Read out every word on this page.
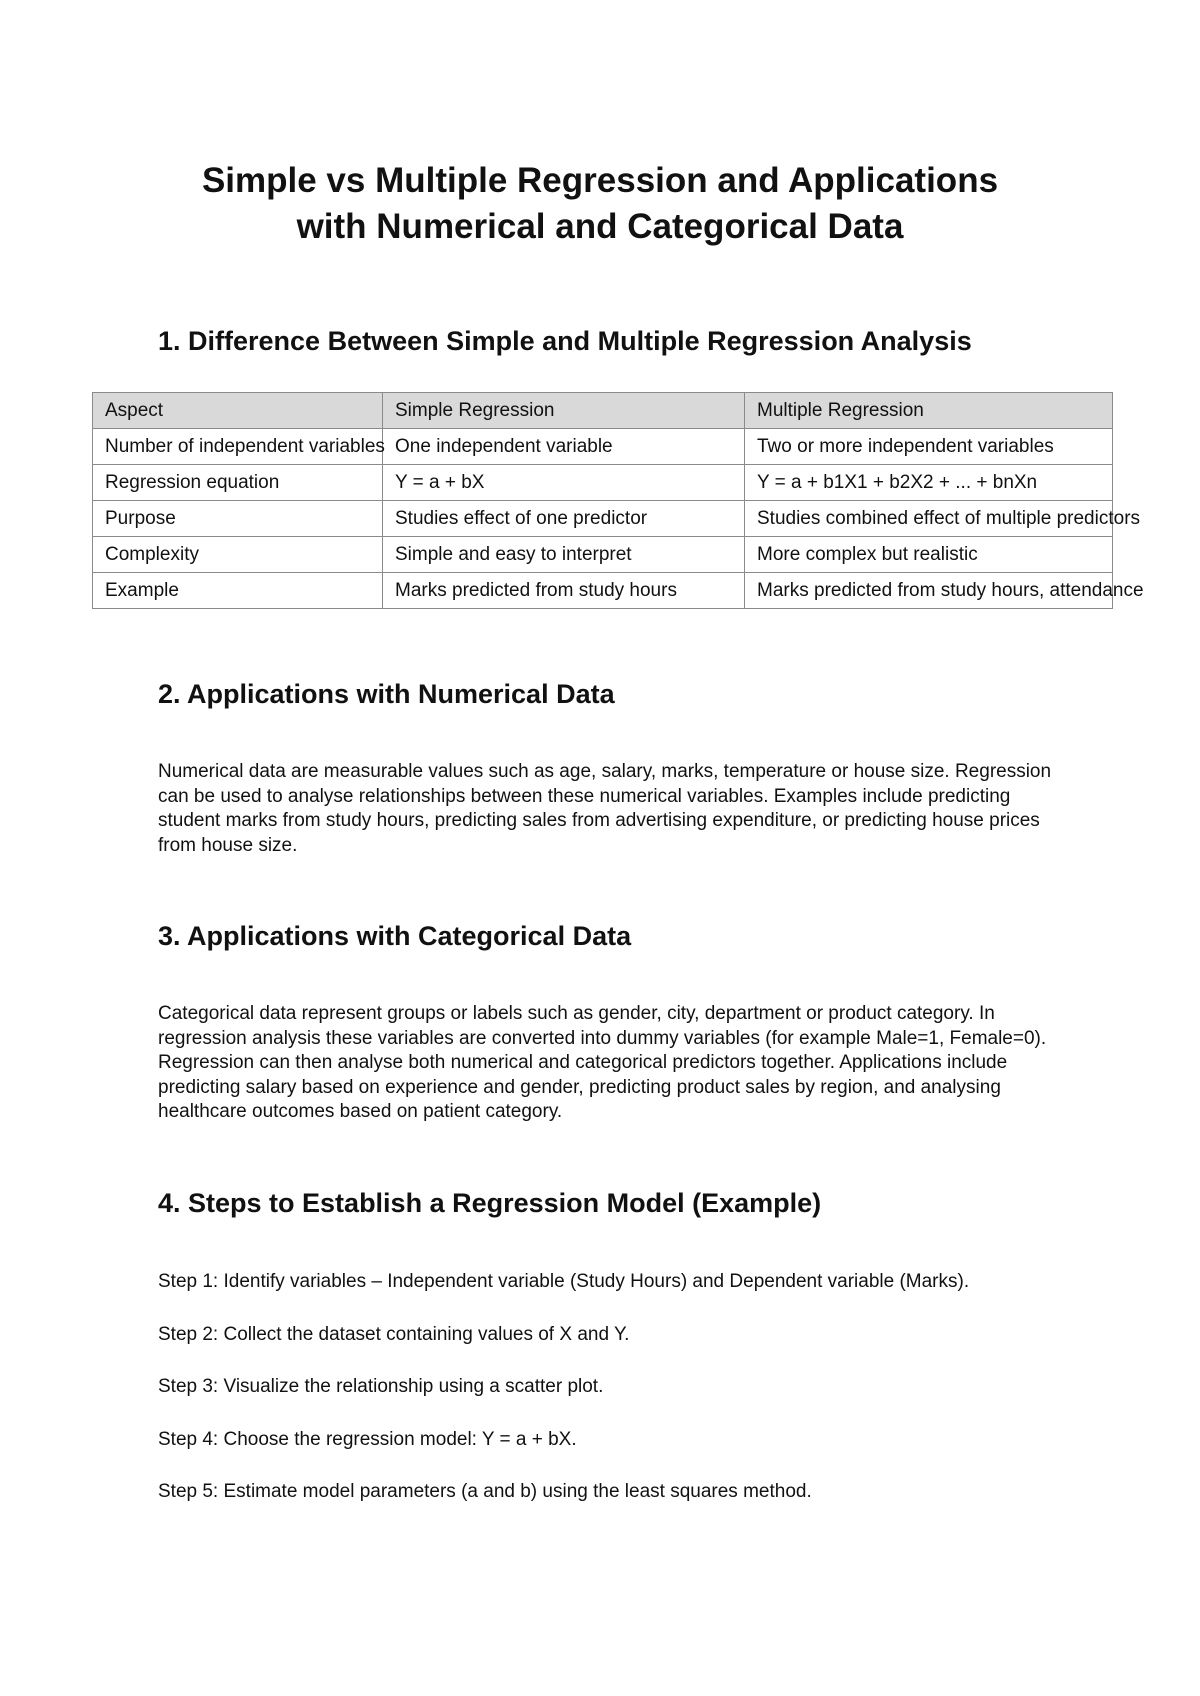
Simple vs Multiple Regression and Applications
with Numerical and Categorical Data
1. Difference Between Simple and Multiple Regression Analysis
Aspect	Simple Regression	Multiple Regression
Number of independent variables	One independent variable	Two or more independent variables
Regression equation	Y = a + bX	Y = a + b1X1 + b2X2 + ... + bnXn
Purpose	Studies effect of one predictor	Studies combined effect of multiple predictors
Complexity	Simple and easy to interpret	More complex but realistic
Example	Marks predicted from study hours	Marks predicted from study hours, attendance
2. Applications with Numerical Data

Numerical data are measurable values such as age, salary, marks, temperature or house size. Regression can be used to analyse relationships between these numerical variables. Examples include predicting student marks from study hours, predicting sales from advertising expenditure, or predicting house prices from house size.

3. Applications with Categorical Data

Categorical data represent groups or labels such as gender, city, department or product category. In regression analysis these variables are converted into dummy variables (for example Male=1, Female=0). Regression can then analyse both numerical and categorical predictors together. Applications include predicting salary based on experience and gender, predicting product sales by region, and analysing healthcare outcomes based on patient category.

4. Steps to Establish a Regression Model (Example)

Step 1: Identify variables – Independent variable (Study Hours) and Dependent variable (Marks).

Step 2: Collect the dataset containing values of X and Y.

Step 3: Visualize the relationship using a scatter plot.

Step 4: Choose the regression model: Y = a + bX.

Step 5: Estimate model parameters (a and b) using the least squares method.
